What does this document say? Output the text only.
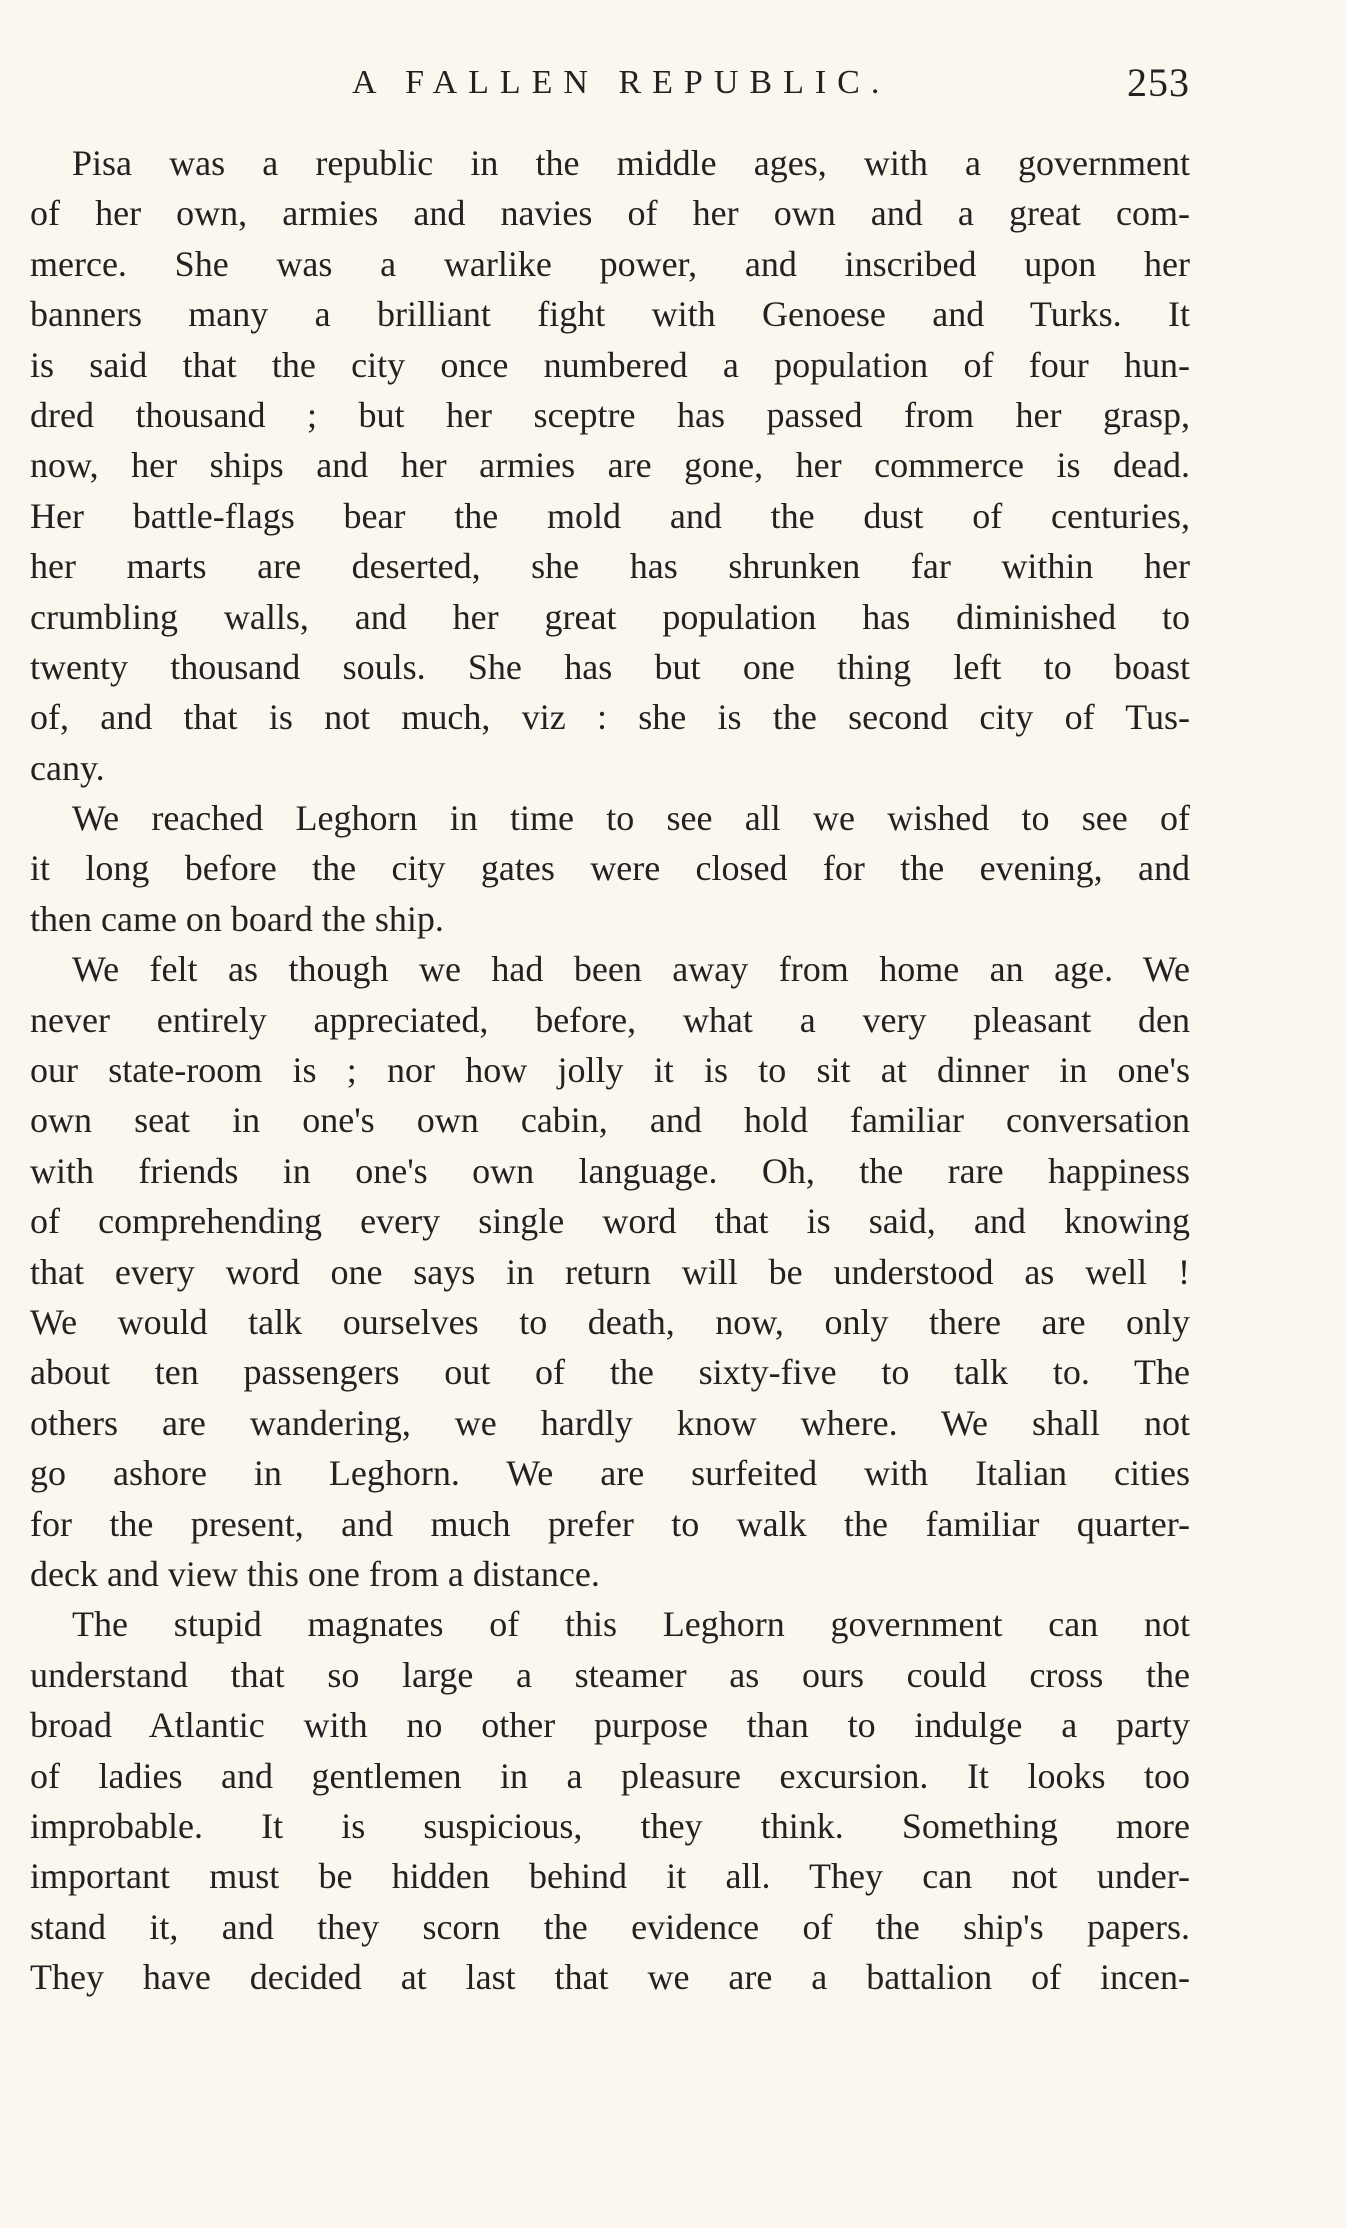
A FALLEN REPUBLIC.	253
Pisa was a republic in the middle ages, with a government
of her own, armies and navies of her own and a great com-
merce. She was a warlike power, and inscribed upon her
banners many a brilliant fight with Genoese and Turks. It
is said that the city once numbered a population of four hun-
dred thousand ; but her sceptre has passed from her grasp,
now, her ships and her armies are gone, her commerce is dead.
Her battle-flags bear the mold and the dust of centuries,
her marts are deserted, she has shrunken far within her
crumbling walls, and her great population has diminished to
twenty thousand souls. She has but one thing left to boast
of, and that is not much, viz : she is the second city of Tus-
cany.
We reached Leghorn in time to see all we wished to see of
it long before the city gates were closed for the evening, and
then came on board the ship.
We felt as though we had been away from home an age. We
never entirely appreciated, before, what a very pleasant den
our state-room is ; nor how jolly it is to sit at dinner in one's
own seat in one's own cabin, and hold familiar conversation
with friends in one's own language. Oh, the rare happiness
of comprehending every single word that is said, and knowing
that every word one says in return will be understood as well !
We would talk ourselves to death, now, only there are only
about ten passengers out of the sixty-five to talk to. The
others are wandering, we hardly know where. We shall not
go ashore in Leghorn. We are surfeited with Italian cities
for the present, and much prefer to walk the familiar quarter-
deck and view this one from a distance.
The stupid magnates of this Leghorn government can not
understand that so large a steamer as ours could cross the
broad Atlantic with no other purpose than to indulge a party
of ladies and gentlemen in a pleasure excursion. It looks too
improbable. It is suspicious, they think. Something more
important must be hidden behind it all. They can not under-
stand it, and they scorn the evidence of the ship's papers.
They have decided at last that we are a battalion of incen-
